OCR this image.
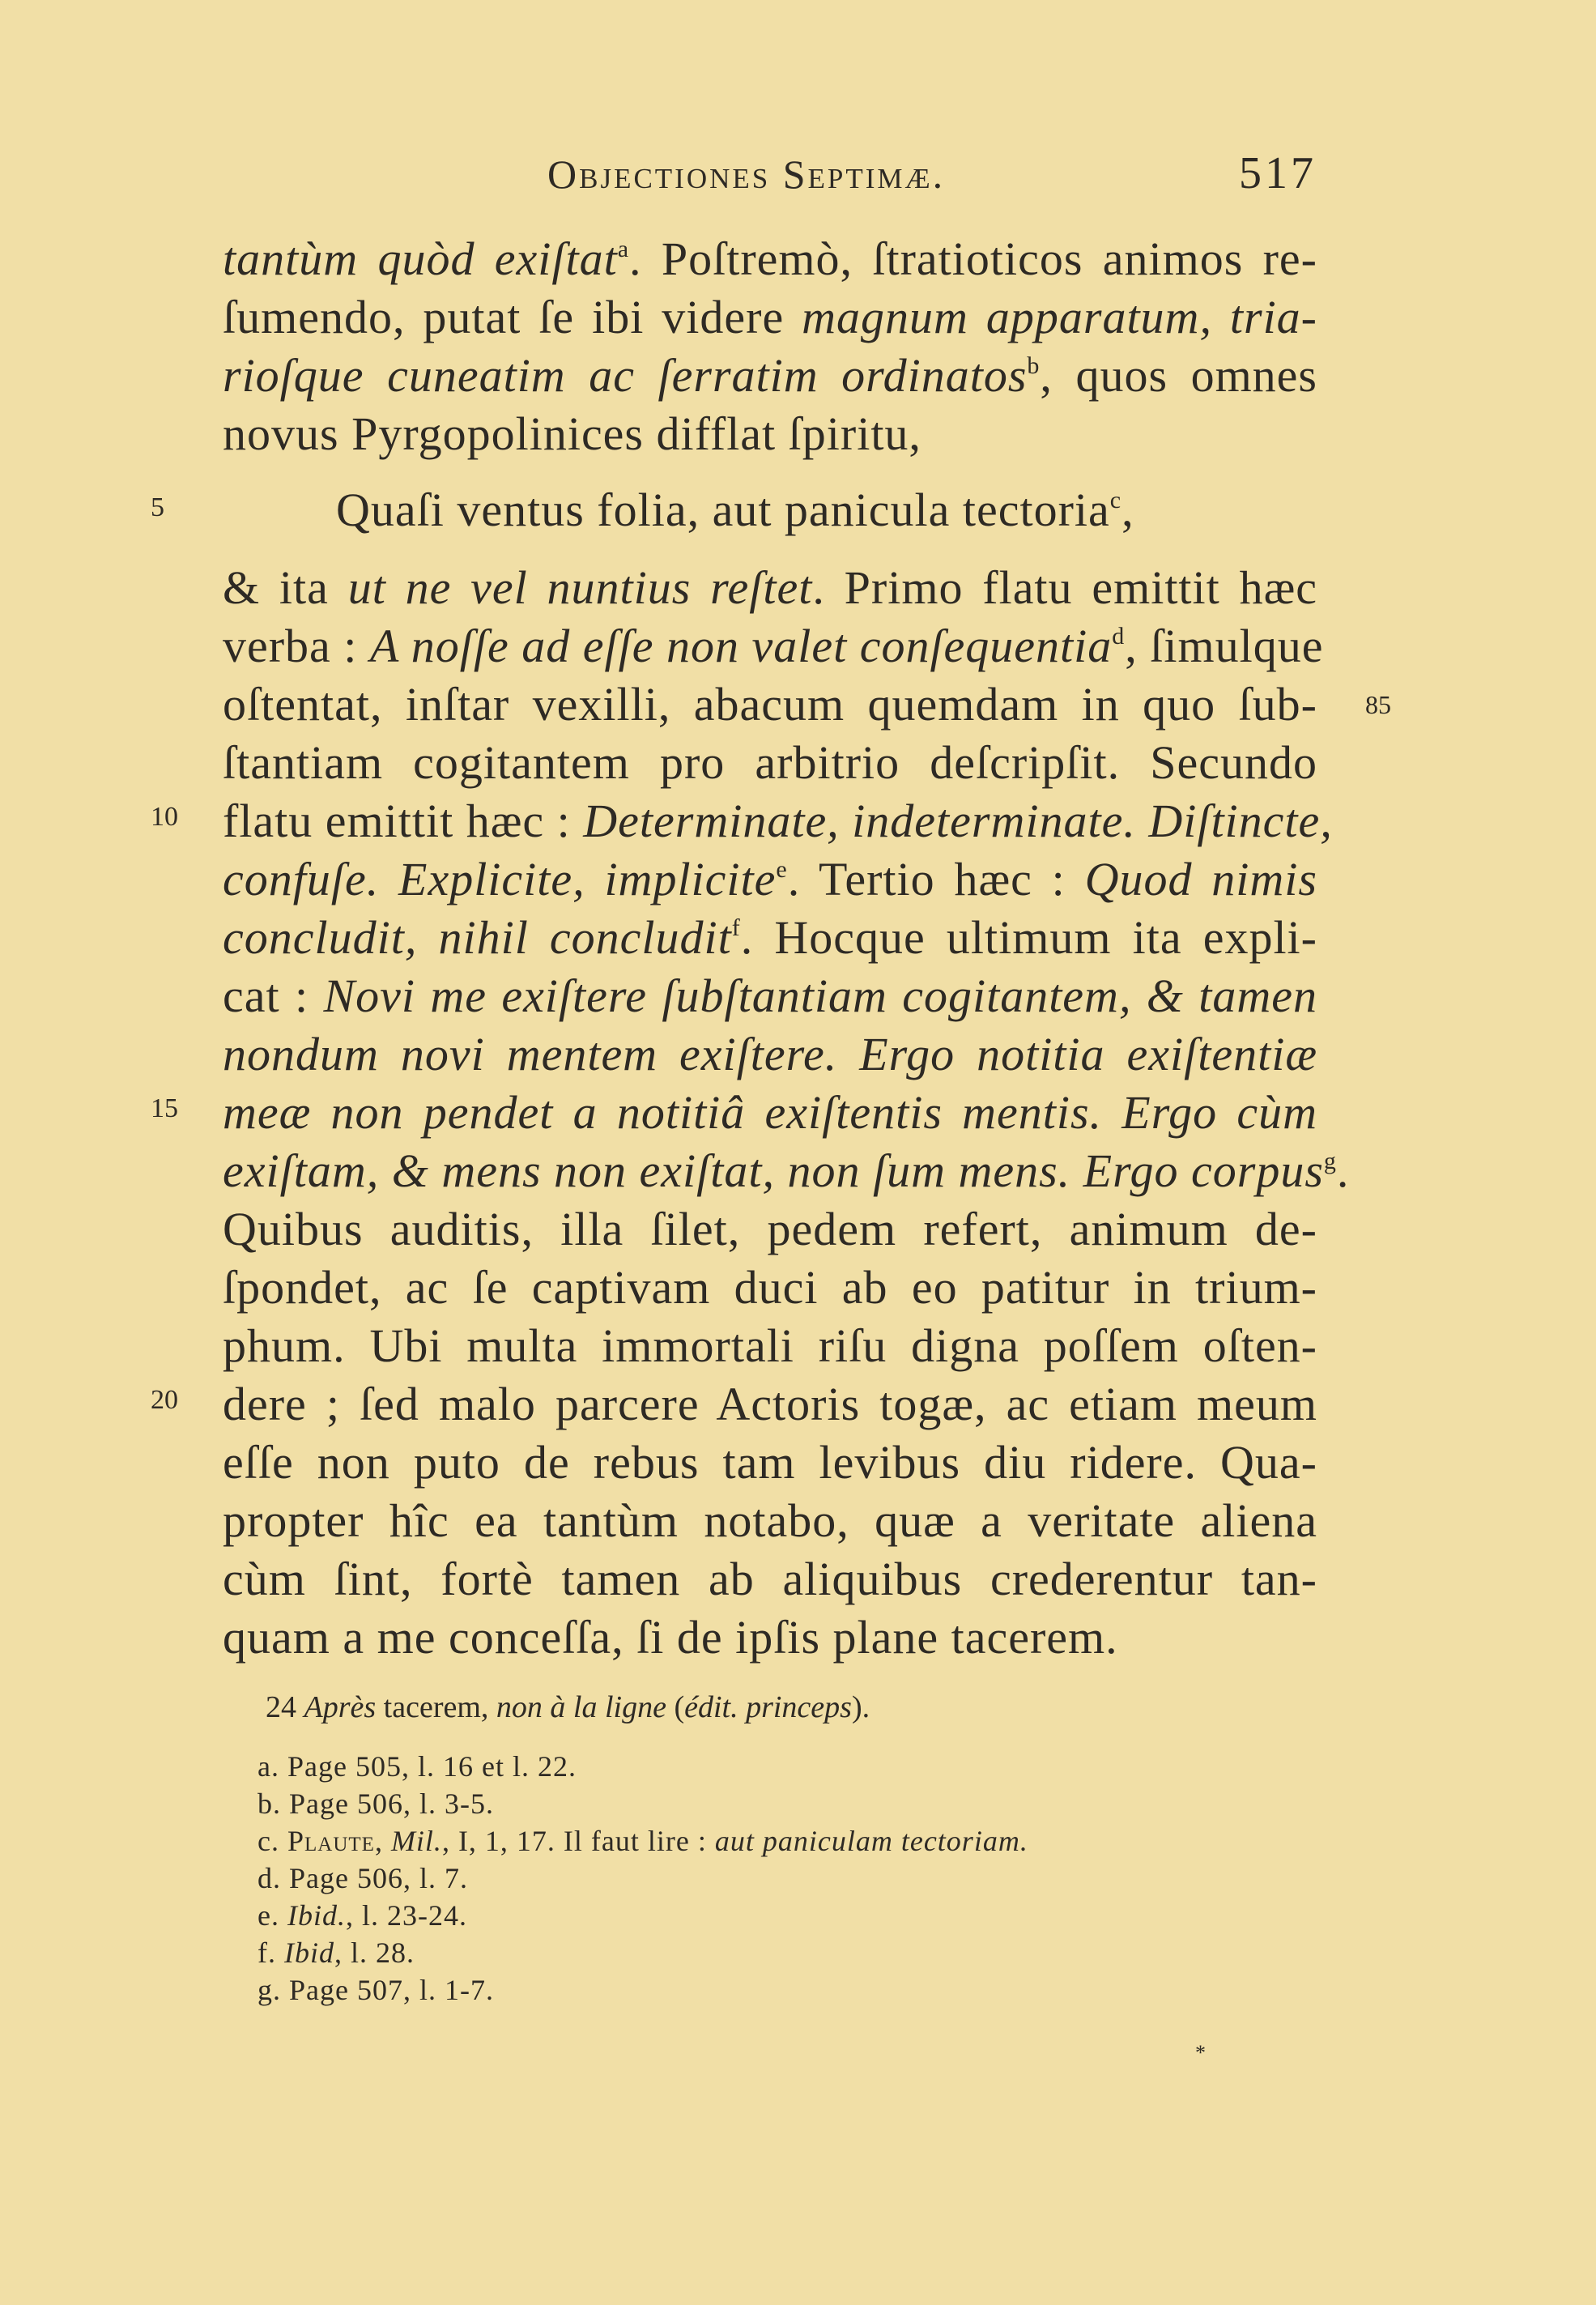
Objectiones Septimæ.	517
tantùm quòd exiſtat$^a$. Poſtremò, ſtratioticos animos re-
ſumendo, putat ſe ibi videre magnum apparatum, tria-
rioſque cuneatim ac ſerratim ordinatos$^b$, quos omnes
novus Pyrgopolinices difflat ſpiritu,
Quaſi ventus folia, aut panicula tectoria$^c$,
& ita ut ne vel nuntius reſtet. Primo flatu emittit hæc
verba : A noſſe ad eſſe non valet conſequentia$^d$, ſimulque
oſtentat, inſtar vexilli, abacum quemdam in quo ſub-
ſtantiam cogitantem pro arbitrio deſcripſit. Secundo
flatu emittit hæc : Determinate, indeterminate. Diſtincte,
confuſe. Explicite, implicite$^e$. Tertio hæc : Quod nimis
concludit, nihil concludit$^f$. Hocque ultimum ita expli-
cat : Novi me exiſtere ſubſtantiam cogitantem, & tamen
nondum novi mentem exiſtere. Ergo notitia exiſtentiæ
meæ non pendet a notitiâ exiſtentis mentis. Ergo cùm
exiſtam, & mens non exiſtat, non ſum mens. Ergo corpus$^g$.
Quibus auditis, illa ſilet, pedem refert, animum de-
ſpondet, ac ſe captivam duci ab eo patitur in trium-
phum. Ubi multa immortali riſu digna poſſem oſten-
dere ; ſed malo parcere Actoris togæ, ac etiam meum
eſſe non puto de rebus tam levibus diu ridere. Qua-
propter hîc ea tantùm notabo, quæ a veritate aliena
cùm ſint, fortè tamen ab aliquibus crederentur tan-
quam a me conceſſa, ſi de ipſis plane tacerem.
5
10
15
20
85
24 Après tacerem, non à la ligne (édit. princeps).
a. Page 505, l. 16 et l. 22.
b. Page 506, l. 3-5.
c. Plaute, Mil., I, 1, 17. Il faut lire : aut paniculam tectoriam.
d. Page 506, l. 7.
e. Ibid., l. 23-24.
f. Ibid, l. 28.
g. Page 507, l. 1-7.
*
